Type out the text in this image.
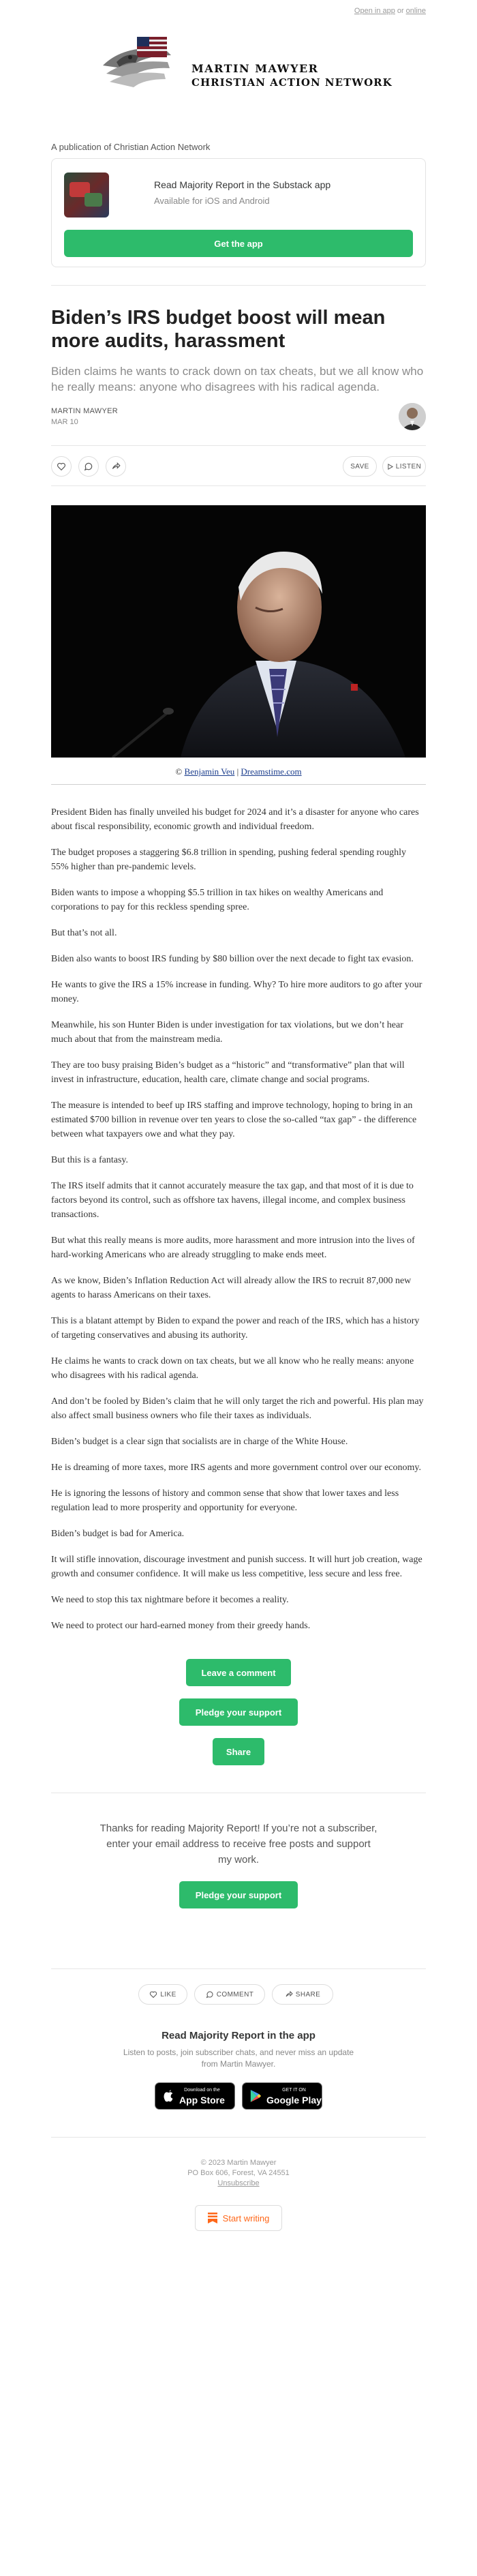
Open in app or online
MARTIN MAWYER
CHRISTIAN ACTION NETWORK
A publication of Christian Action Network
Read Majority Report in the Substack app
Available for iOS and Android
Get the app
Biden’s IRS budget boost will mean more audits, harassment
Biden claims he wants to crack down on tax cheats, but we all know who he really means: anyone who disagrees with his radical agenda.
MARTIN MAWYER
MAR 10
SAVE	LISTEN
© Benjamin Veu | Dreamstime.com

President Biden has finally unveiled his budget for 2024 and it’s a disaster for anyone who cares about fiscal responsibility, economic growth and individual freedom.

The budget proposes a staggering $6.8 trillion in spending, pushing federal spending roughly 55% higher than pre-pandemic levels.

Biden wants to impose a whopping $5.5 trillion in tax hikes on wealthy Americans and corporations to pay for this reckless spending spree.

But that’s not all.

Biden also wants to boost IRS funding by $80 billion over the next decade to fight tax evasion.

He wants to give the IRS a 15% increase in funding. Why? To hire more auditors to go after your money.

Meanwhile, his son Hunter Biden is under investigation for tax violations, but we don’t hear much about that from the mainstream media.

They are too busy praising Biden’s budget as a “historic” and “transformative” plan that will invest in infrastructure, education, health care, climate change and social programs.

The measure is intended to beef up IRS staffing and improve technology, hoping to bring in an estimated $700 billion in revenue over ten years to close the so-called “tax gap” - the difference between what taxpayers owe and what they pay.

But this is a fantasy.

The IRS itself admits that it cannot accurately measure the tax gap, and that most of it is due to factors beyond its control, such as offshore tax havens, illegal income, and complex business transactions.

But what this really means is more audits, more harassment and more intrusion into the lives of hard-working Americans who are already struggling to make ends meet.

As we know, Biden’s Inflation Reduction Act will already allow the IRS to recruit 87,000 new agents to harass Americans on their taxes.

This is a blatant attempt by Biden to expand the power and reach of the IRS, which has a history of targeting conservatives and abusing its authority.

He claims he wants to crack down on tax cheats, but we all know who he really means: anyone who disagrees with his radical agenda.

And don’t be fooled by Biden’s claim that he will only target the rich and powerful. His plan may also affect small business owners who file their taxes as individuals.

Biden’s budget is a clear sign that socialists are in charge of the White House.

He is dreaming of more taxes, more IRS agents and more government control over our economy.

He is ignoring the lessons of history and common sense that show that lower taxes and less regulation lead to more prosperity and opportunity for everyone.

Biden’s budget is bad for America.

It will stifle innovation, discourage investment and punish success. It will hurt job creation, wage growth and consumer confidence. It will make us less competitive, less secure and less free.

We need to stop this tax nightmare before it becomes a reality.

We need to protect our hard-earned money from their greedy hands.

Leave a comment
Pledge your support
Share
Thanks for reading Majority Report! If you’re not a subscriber, enter your email address to receive free posts and support my work.
Pledge your support
LIKE	COMMENT	SHARE
Read Majority Report in the app
Listen to posts, join subscriber chats, and never miss an update from Martin Mawyer.
Download on the
App Store
GET IT ON
Google Play
© 2023 Martin Mawyer
PO Box 606, Forest, VA 24551
Unsubscribe
Start writing
